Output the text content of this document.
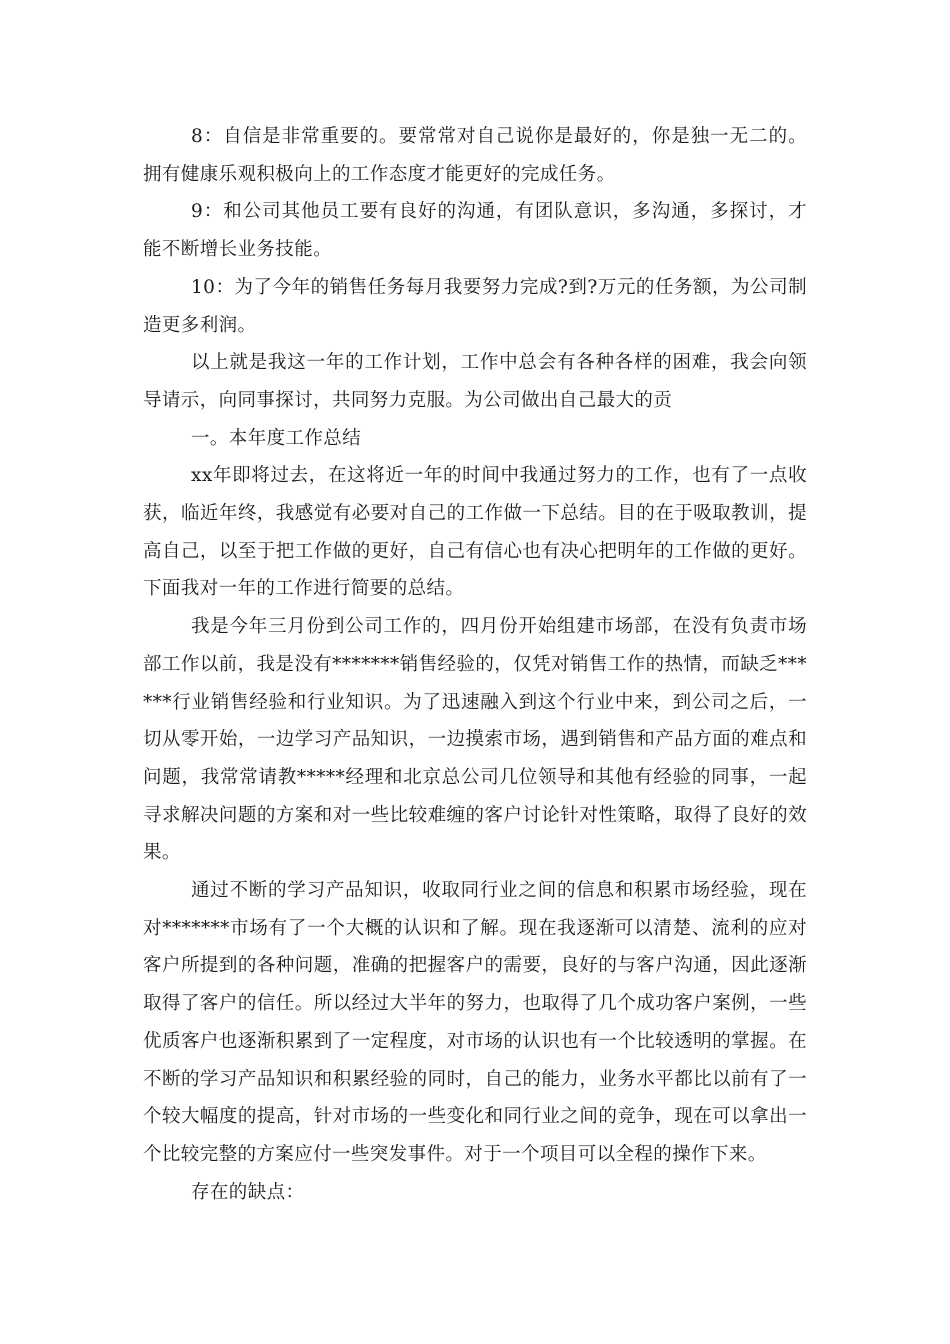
8：自信是非常重要的。要常常对自己说你是最好的，你是独一无二的。拥有健康乐观积极向上的工作态度才能更好的完成任务。

9：和公司其他员工要有良好的沟通，有团队意识，多沟通，多探讨，才能不断增长业务技能。

10：为了今年的销售任务每月我要努力完成?到?万元的任务额，为公司制造更多利润。

以上就是我这一年的工作计划，工作中总会有各种各样的困难，我会向领导请示，向同事探讨，共同努力克服。为公司做出自己最大的贡

一。本年度工作总结

xx年即将过去，在这将近一年的时间中我通过努力的工作，也有了一点收获，临近年终，我感觉有必要对自己的工作做一下总结。目的在于吸取教训，提高自己，以至于把工作做的更好，自己有信心也有决心把明年的工作做的更好。下面我对一年的工作进行简要的总结。

我是今年三月份到公司工作的，四月份开始组建市场部，在没有负责市场部工作以前，我是没有*******销售经验的，仅凭对销售工作的热情，而缺乏******行业销售经验和行业知识。为了迅速融入到这个行业中来，到公司之后，一切从零开始，一边学习产品知识，一边摸索市场，遇到销售和产品方面的难点和问题，我常常请教*****经理和北京总公司几位领导和其他有经验的同事，一起寻求解决问题的方案和对一些比较难缠的客户讨论针对性策略，取得了良好的效果。

通过不断的学习产品知识，收取同行业之间的信息和积累市场经验，现在对*******市场有了一个大概的认识和了解。现在我逐渐可以清楚、流利的应对客户所提到的各种问题，准确的把握客户的需要，良好的与客户沟通，因此逐渐取得了客户的信任。所以经过大半年的努力，也取得了几个成功客户案例，一些优质客户也逐渐积累到了一定程度，对市场的认识也有一个比较透明的掌握。在不断的学习产品知识和积累经验的同时，自己的能力，业务水平都比以前有了一个较大幅度的提高，针对市场的一些变化和同行业之间的竞争，现在可以拿出一个比较完整的方案应付一些突发事件。对于一个项目可以全程的操作下来。

存在的缺点：
